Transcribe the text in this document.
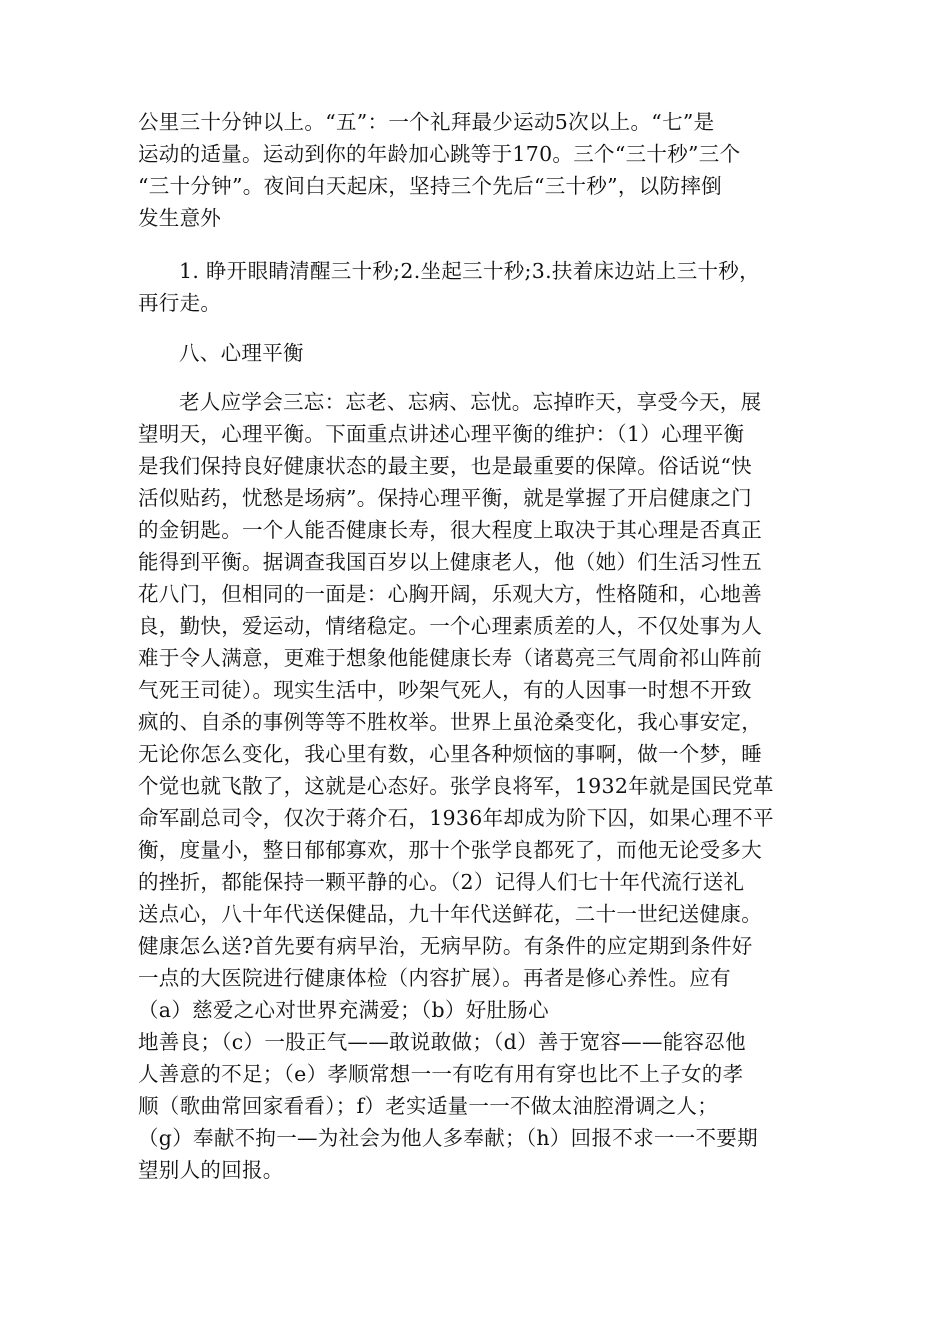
公里三十分钟以上。“五”：一个礼拜最少运动5次以上。“七”是
运动的适量。运动到你的年龄加心跳等于170。三个“三十秒”三个
“三十分钟”。夜间白天起床，坚持三个先后“三十秒”，以防摔倒
发生意外

1. 睁开眼睛清醒三十秒;2.坐起三十秒;3.扶着床边站上三十秒，
再行走。

八、心理平衡

老人应学会三忘：忘老、忘病、忘忧。忘掉昨天，享受今天，展
望明天，心理平衡。下面重点讲述心理平衡的维护：（1）心理平衡
是我们保持良好健康状态的最主要，也是最重要的保障。俗话说“快
活似贴药，忧愁是场病”。保持心理平衡，就是掌握了开启健康之门
的金钥匙。一个人能否健康长寿，很大程度上取决于其心理是否真正
能得到平衡。据调查我国百岁以上健康老人，他（她）们生活习性五
花八门，但相同的一面是：心胸开阔，乐观大方，性格随和，心地善
良，勤快，爱运动，情绪稳定。一个心理素质差的人，不仅处事为人
难于令人满意，更难于想象他能健康长寿（诸葛亮三气周俞祁山阵前
气死王司徒）。现实生活中，吵架气死人，有的人因事一时想不开致
疯的、自杀的事例等等不胜枚举。世界上虽沧桑变化，我心事安定，
无论你怎么变化，我心里有数，心里各种烦恼的事啊，做一个梦，睡
个觉也就飞散了，这就是心态好。张学良将军，1932年就是国民党革
命军副总司令，仅次于蒋介石，1936年却成为阶下囚，如果心理不平
衡，度量小，整日郁郁寡欢，那十个张学良都死了，而他无论受多大
的挫折，都能保持一颗平静的心。（2）记得人们七十年代流行送礼
送点心，八十年代送保健品，九十年代送鲜花，二十一世纪送健康。
健康怎么送?首先要有病早治，无病早防。有条件的应定期到条件好
一点的大医院进行健康体检（内容扩展）。再者是修心养性。应有
（a）慈爱之心对世界充满爱；（b）好肚肠心
地善良；（c）一股正气——敢说敢做；（d）善于宽容——能容忍他
人善意的不足；（e）孝顺常想一一有吃有用有穿也比不上子女的孝
顺（歌曲常回家看看）；f）老实适量一一不做太油腔滑调之人；
（g）奉献不拘一—为社会为他人多奉献；（h）回报不求一一不要期
望别人的回报。
